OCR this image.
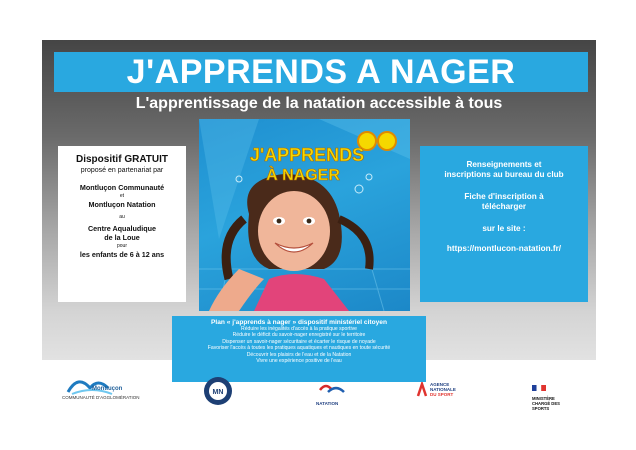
J'APPRENDS A NAGER
L'apprentissage de la natation accessible à tous
Dispositif GRATUIT
proposé en partenariat par
Montluçon Communauté
et
Montluçon Natation
au
Centre Aqualudique
de la Loue
pour
les enfants de 6 à 12 ans
J'APPRENDS
À NAGER

Renseignements et

inscriptions au bureau du club

Fiche d'inscription à

télécharger

sur le site :

https://montlucon-natation.fr/

Plan « j'apprends à nager » dispositif ministériel citoyen
Réduire les inégalités d'accès à la pratique sportive
Réduire le déficit du savoir-nager enregistré sur le territoire
Dispenser un savoir-nager sécuritaire et écarter le risque de noyade
Favoriser l'accès à toutes les pratiques aquatiques et nautiques en toute sécurité
Découvrir les plaisirs de l'eau et de la Natation
Vivre une expérience positive de l'eau
Montluçon
COMMUNAUTÉ D'AGGLOMÉRATION
MN
NATATION
AGENCE
NATIONALE
DU SPORT
MINISTÈRE
CHARGÉ DES SPORTS
